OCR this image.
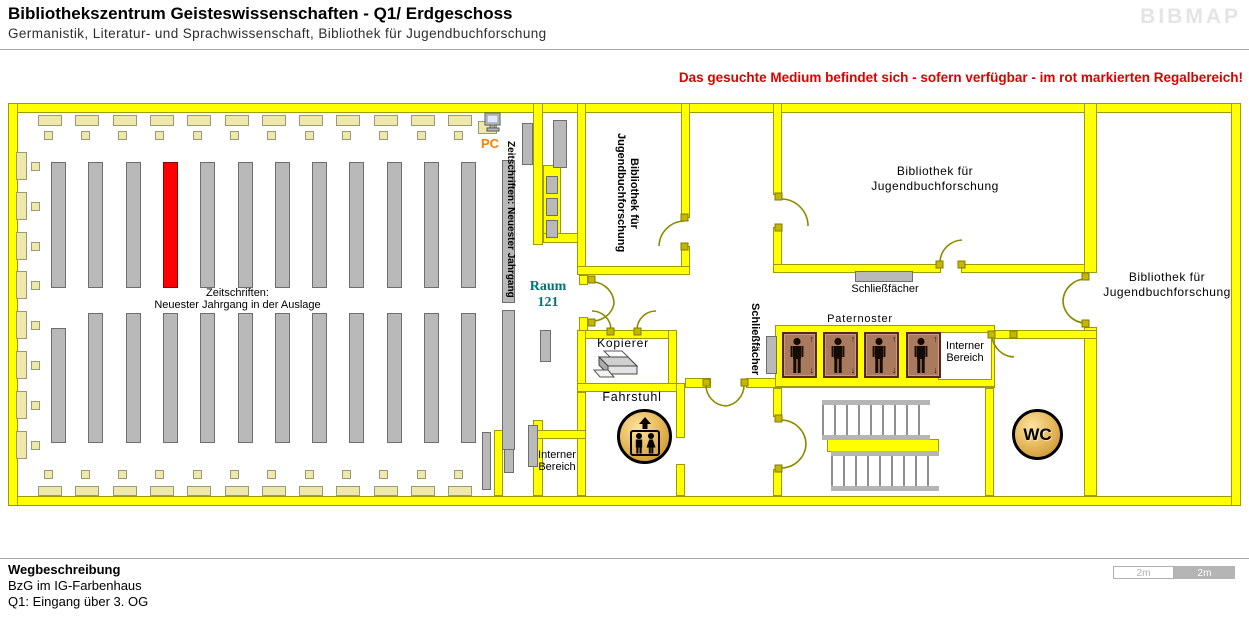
Bibliothekszentrum Geisteswissenschaften - Q1/ Erdgeschoss
Germanistik, Literatur- und Sprachwissenschaft, Bibliothek für Jugendbuchforschung
BIBMAP
Das gesuchte Medium befindet sich - sofern verfügbar - im rot markierten Regalbereich!
Zeitschriften:
Neuester Jahrgang in der Auslage
Zeitschriften: Neuester Jahrgang Raum
121
Bibliothek für
Jugendbuchforschung	Bibliothek für
Jugendbuchforschung
Bibliothek für
Jugendbuchforschung
Schließfächer
Schließfächer	Paternoster
Interner
Bereich
Interner
Bereich
Kopierer
Fahrstuhl
PC
WC
↑
↓
↑
↓
↑
↓
↑
↓
Wegbeschreibung
BzG im IG-Farbenhaus
Q1: Eingang über 3. OG
2m	2m
